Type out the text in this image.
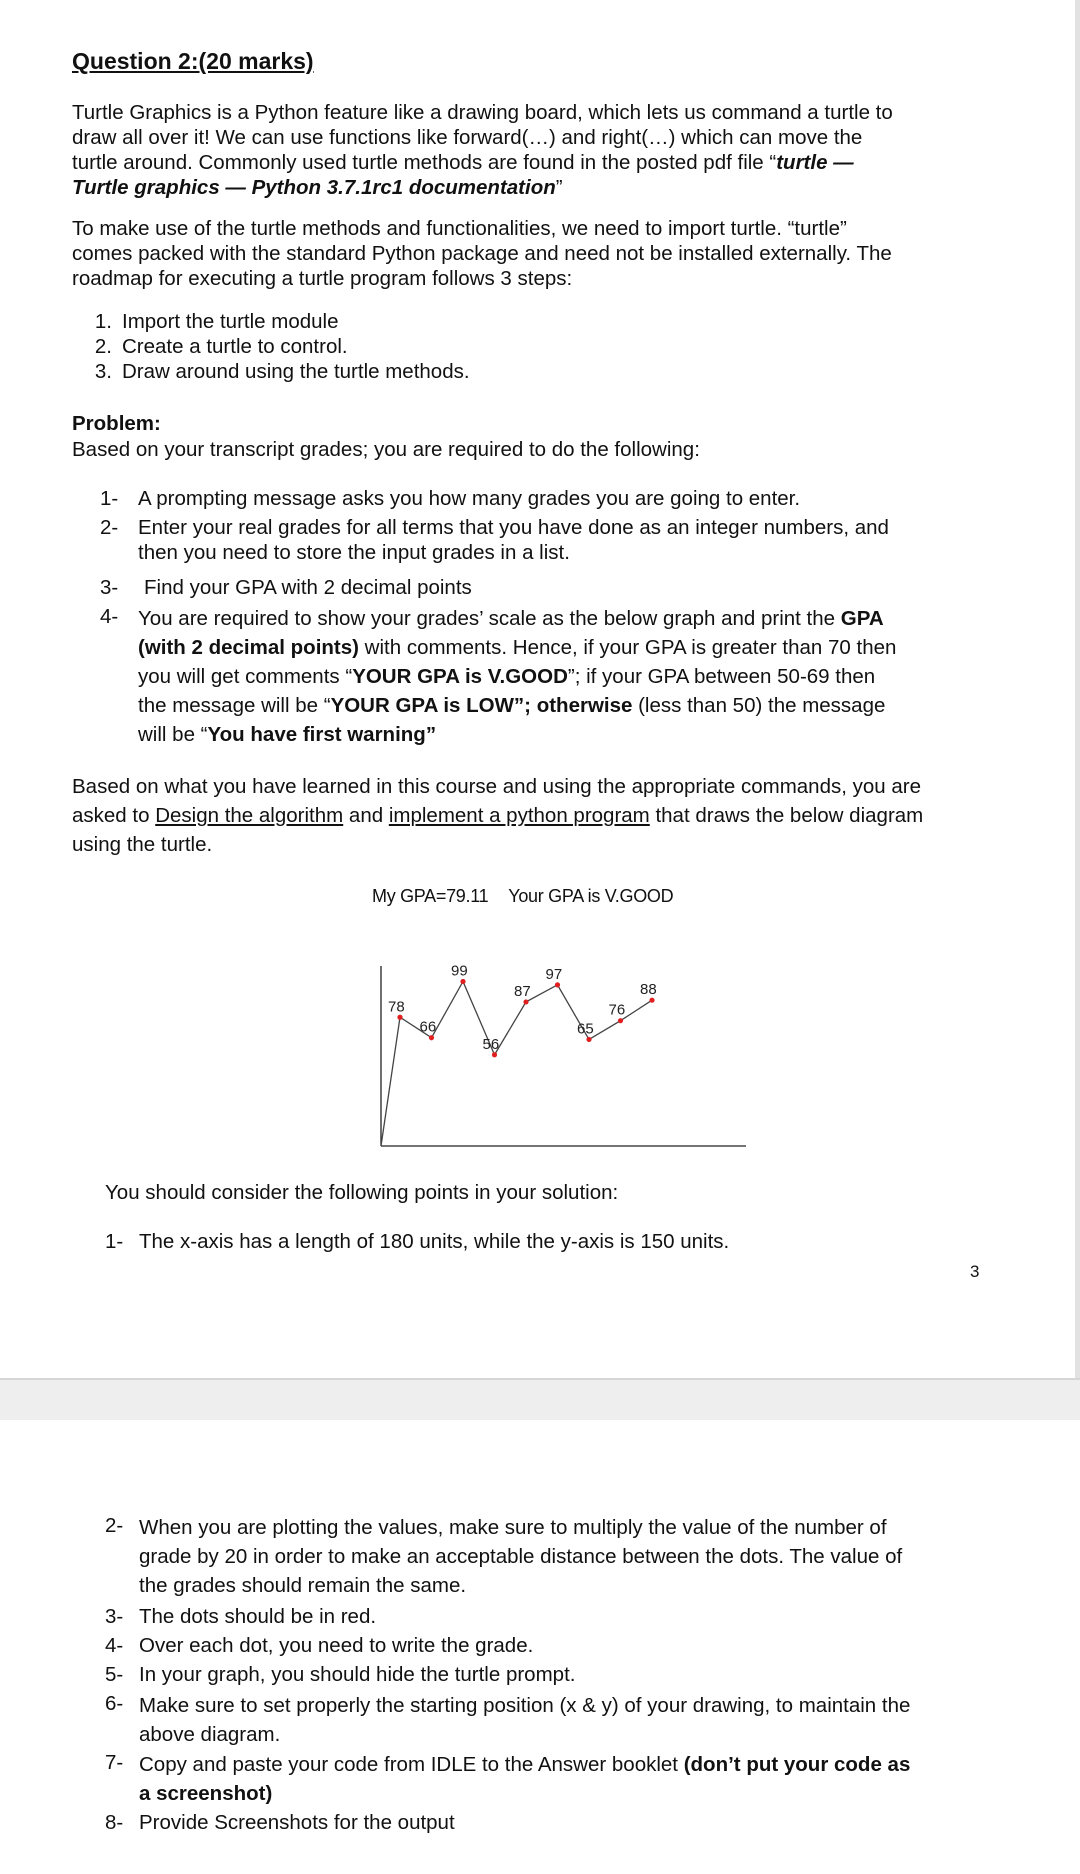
Question 2:(20 marks)
Turtle Graphics is a Python feature like a drawing board, which lets us command a turtle to
draw all over it! We can use functions like forward(…) and right(…) which can move the
turtle around. Commonly used turtle methods are found in the posted pdf file “turtle —
Turtle graphics — Python 3.7.1rc1 documentation”
To make use of the turtle methods and functionalities, we need to import turtle. “turtle”
comes packed with the standard Python package and need not be installed externally. The
roadmap for executing a turtle program follows 3 steps:
1. Import the turtle module
2. Create a turtle to control.
3. Draw around using the turtle methods.
Problem:
Based on your transcript grades; you are required to do the following:
1- A prompting message asks you how many grades you are going to enter.
2- Enter your real grades for all terms that you have done as an integer numbers, and
then you need to store the input grades in a list.
3- Find your GPA with 2 decimal points
4- You are required to show your grades’ scale as the below graph and print the GPA
(with 2 decimal points) with comments. Hence, if your GPA is greater than 70 then
you will get comments “YOUR GPA is V.GOOD”; if your GPA between 50-69 then
the message will be “YOUR GPA is LOW”; otherwise (less than 50) the message
will be “You have first warning”
Based on what you have learned in this course and using the appropriate commands, you are
asked to Design the algorithm and implement a python program that draws the below diagram
using the turtle.
My GPA=79.11 Your GPA is V.GOOD
78
66
99
56
87
97
65
76
88
You should consider the following points in your solution:
1- The x-axis has a length of 180 units, while the y-axis is 150 units.
3
2- When you are plotting the values, make sure to multiply the value of the number of
grade by 20 in order to make an acceptable distance between the dots. The value of
the grades should remain the same.
3- The dots should be in red.
4- Over each dot, you need to write the grade.
5- In your graph, you should hide the turtle prompt.
6- Make sure to set properly the starting position (x & y) of your drawing, to maintain the
above diagram.
7- Copy and paste your code from IDLE to the Answer booklet (don’t put your code as
a screenshot)
8- Provide Screenshots for the output
